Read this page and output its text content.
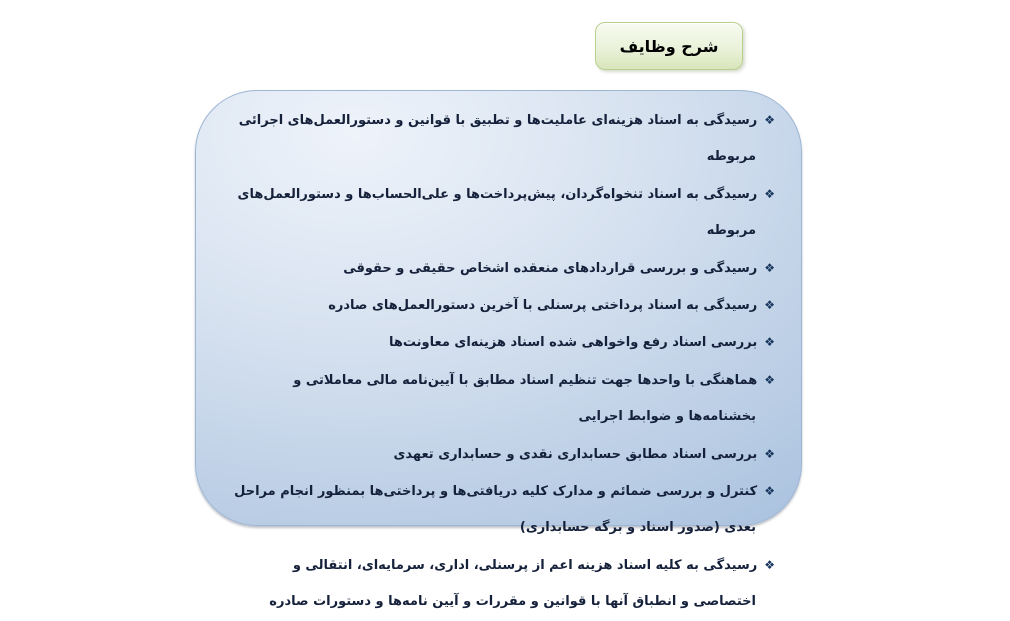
شرح وظایف
❖رسیدگی به اسناد هزینه‌ای عاملیت‌ها و تطبیق با قوانین و دستورالعمل‌های اجرائی مربوطه
❖رسیدگی به اسناد تنخواه‌گردان، پیش‌پرداخت‌ها و علی‌الحساب‌ها و دستورالعمل‌های مربوطه
❖رسیدگی و بررسی قراردادهای منعقده اشخاص حقیقی و حقوقی
❖رسیدگی به اسناد پرداختی پرسنلی با آخرین دستورالعمل‌های صادره
❖بررسی اسناد رفع واخواهی شده اسناد هزینه‌ای معاونت‌ها
❖هماهنگی با واحدها جهت تنظیم اسناد مطابق با آیین‌نامه مالی معاملاتی و بخشنامه‌ها و ضوابط اجرایی
❖بررسی اسناد مطابق حسابداری نقدی و حسابداری تعهدی
❖کنترل و بررسی ضمائم و مدارک کلیه دریافتی‌ها و پرداختی‌ها بمنظور انجام مراحل بعدی (صدور اسناد و برگه حسابداری)
❖رسیدگی به کلیه اسناد هزینه اعم از پرسنلی، اداری، سرمایه‌ای، انتقالی و اختصاصی و انطباق آنها با قوانین و مقررات و آیین نامه‌ها و دستورات صادره
